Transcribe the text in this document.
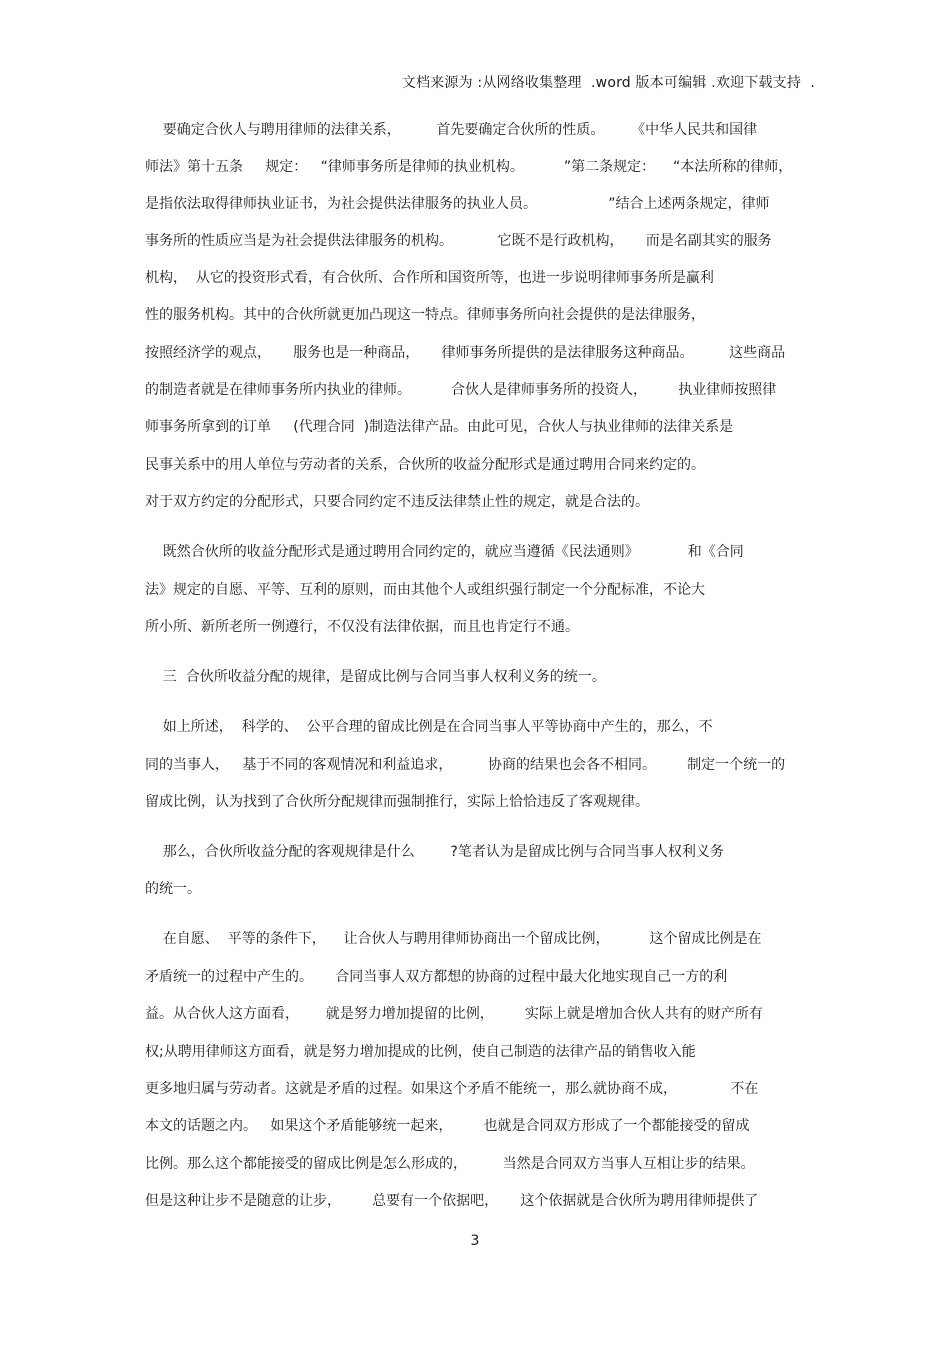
文档来源为 :从网络收集整理  .word 版本可编辑 .欢迎下载支持  .
要确定合伙人与聘用律师的法律关系，        首先要确定合伙所的性质。      《中华人民共和国律
师法》第十五条     规定：   “律师事务所是律师的执业机构。         ”第二条规定：    “本法所称的律师，
是指依法取得律师执业证书，为社会提供法律服务的执业人员。                ”结合上述两条规定，律师
事务所的性质应当是为社会提供法律服务的机构。          它既不是行政机构，     而是名副其实的服务
机构，  从它的投资形式看，有合伙所、合作所和国资所等，也进一步说明律师事务所是赢利
性的服务机构。其中的合伙所就更加凸现这一特点。律师事务所向社会提供的是法律服务，
按照经济学的观点，     服务也是一种商品，     律师事务所提供的是法律服务这种商品。        这些商品
的制造者就是在律师事务所内执业的律师。         合伙人是律师事务所的投资人，       执业律师按照律
师事务所拿到的订单     (代理合同  )制造法律产品。由此可见，合伙人与执业律师的法律关系是
民事关系中的用人单位与劳动者的关系，合伙所的收益分配形式是通过聘用合同来约定的。
对于双方约定的分配形式，只要合同约定不违反法律禁止性的规定，就是合法的。
既然合伙所的收益分配形式是通过聘用合同约定的，就应当遵循《民法通则》           和《合同
法》规定的自愿、平等、互利的原则，而由其他个人或组织强行制定一个分配标准，不论大
所小所、新所老所一例遵行，不仅没有法律依据，而且也肯定行不通。
三  合伙所收益分配的规律，是留成比例与合同当事人权利义务的统一。
如上所述，  科学的、  公平合理的留成比例是在合同当事人平等协商中产生的，那么，不
同的当事人，   基于不同的客观情况和利益追求，        协商的结果也会各不相同。       制定一个统一的
留成比例，认为找到了合伙所分配规律而强制推行，实际上恰恰违反了客观规律。
那么，合伙所收益分配的客观规律是什么        ?笔者认为是留成比例与合同当事人权利义务
的统一。
在自愿、  平等的条件下，    让合伙人与聘用律师协商出一个留成比例，         这个留成比例是在
矛盾统一的过程中产生的。     合同当事人双方都想的协商的过程中最大化地实现自己一方的利
益。从合伙人这方面看，      就是努力增加提留的比例，       实际上就是增加合伙人共有的财产所有
权;从聘用律师这方面看，就是努力增加提成的比例，使自己制造的法律产品的销售收入能
更多地归属与劳动者。这就是矛盾的过程。如果这个矛盾不能统一，那么就协商不成，            不在
本文的话题之内。   如果这个矛盾能够统一起来，       也就是合同双方形成了一个都能接受的留成
比例。那么这个都能接受的留成比例是怎么形成的，        当然是合同双方当事人互相让步的结果。
但是这种让步不是随意的让步，       总要有一个依据吧，     这个依据就是合伙所为聘用律师提供了
3
